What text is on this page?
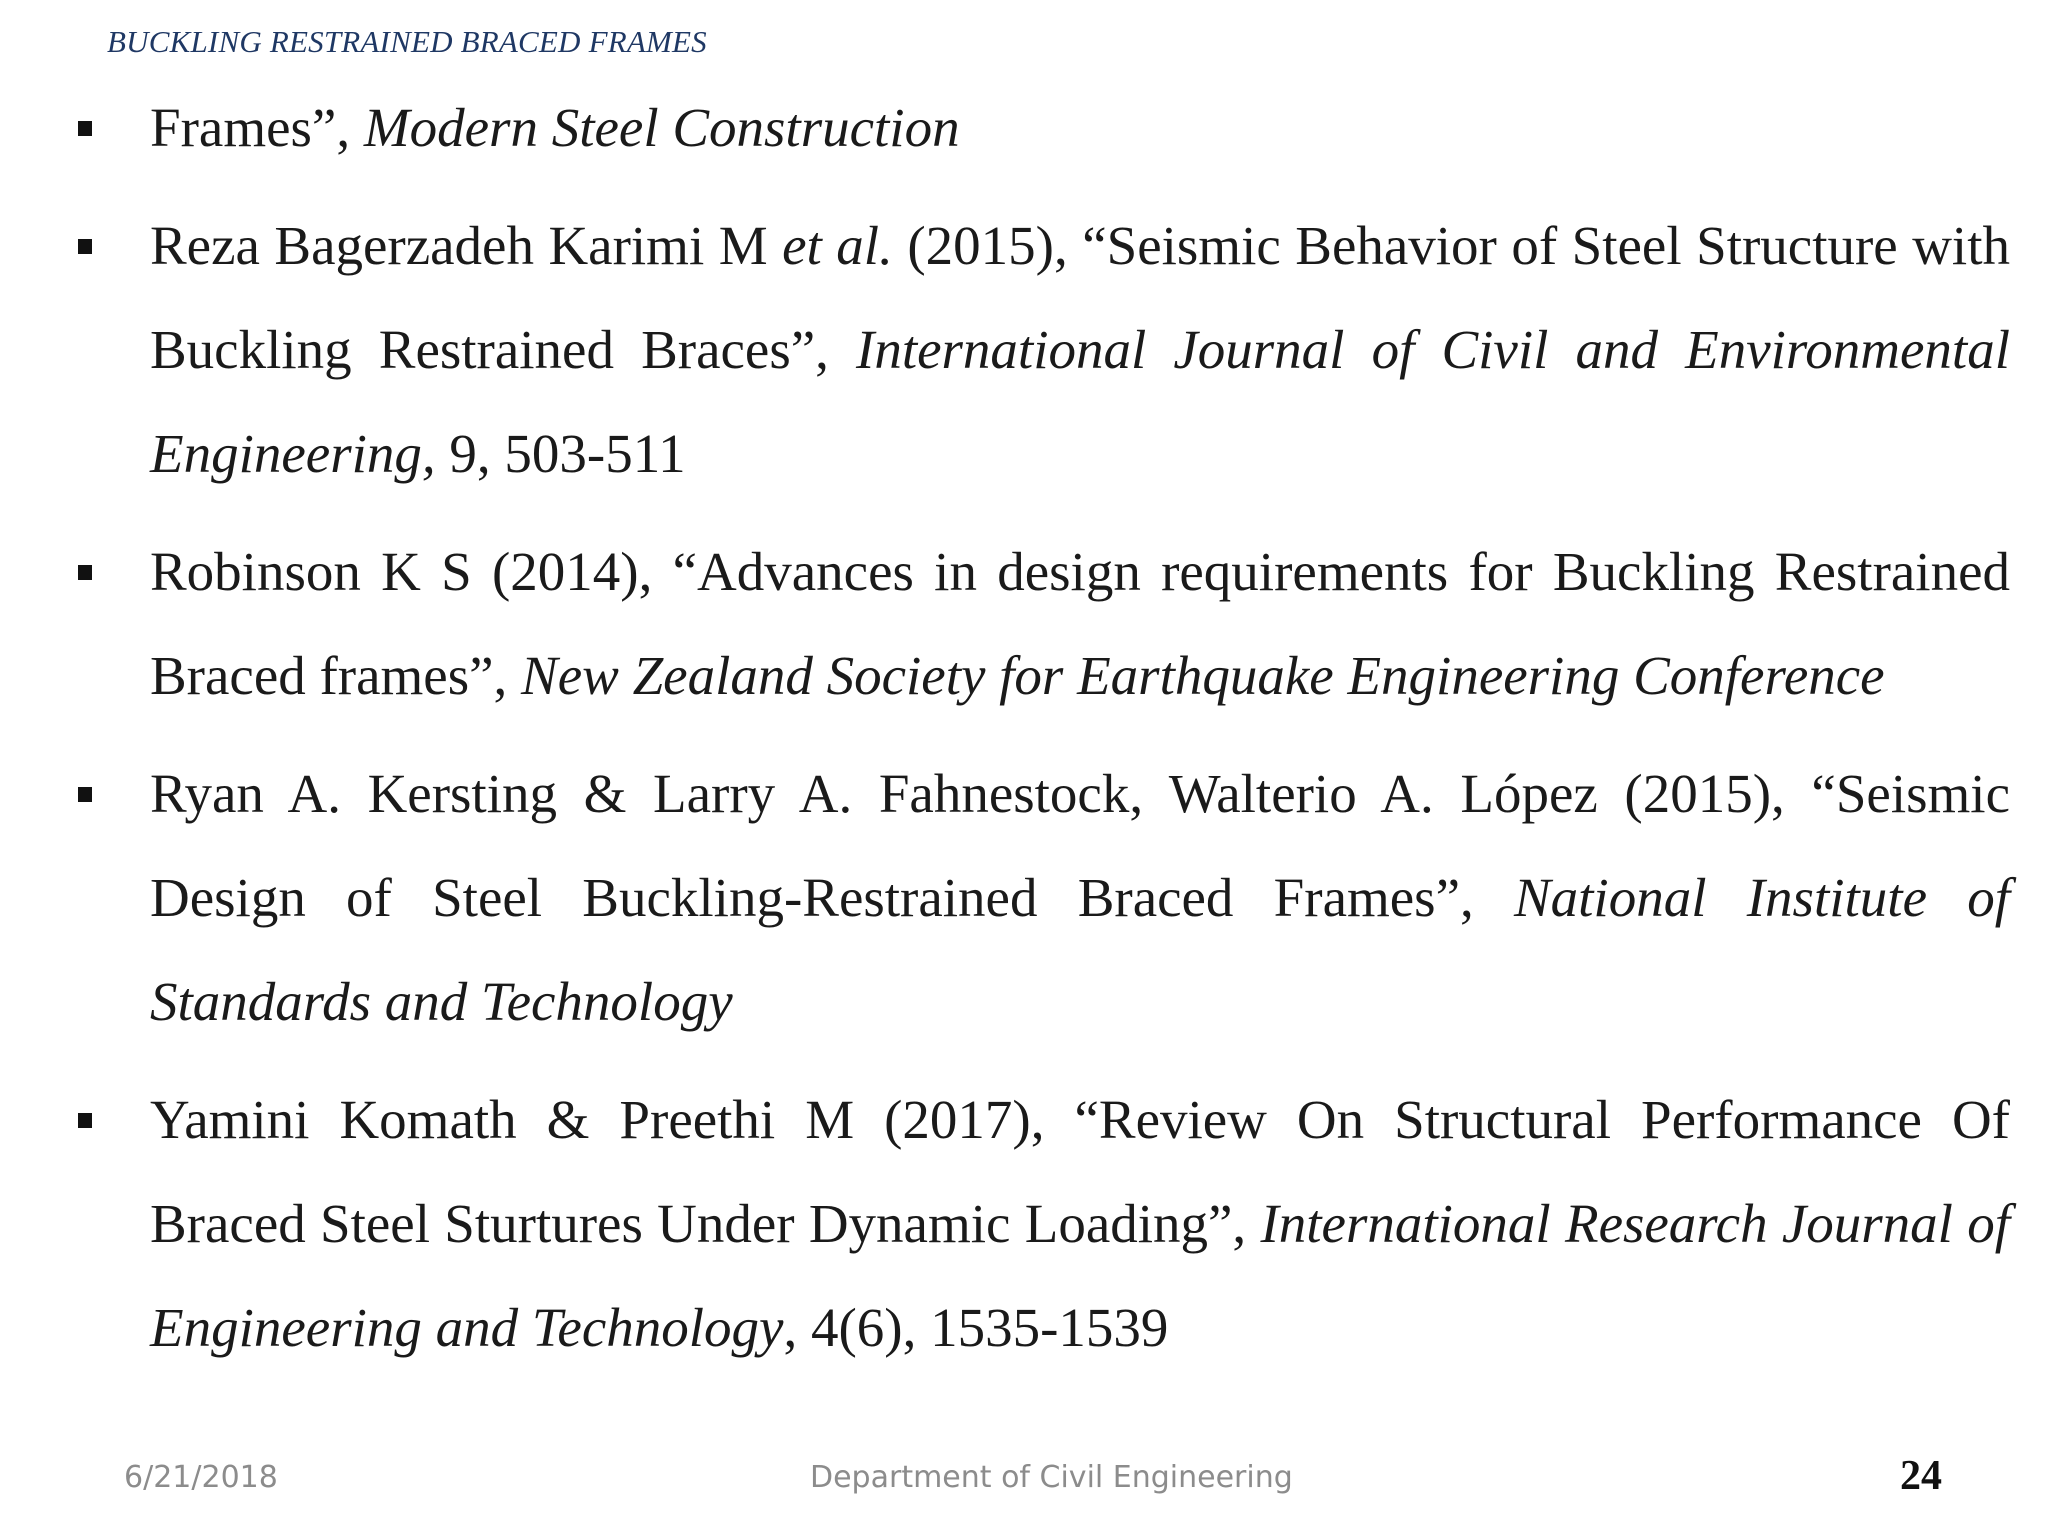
BUCKLING RESTRAINED BRACED FRAMES
Frames”, Modern Steel Construction
Reza Bagerzadeh Karimi M et al. (2015), “Seismic Behavior of Steel Structure with Buckling Restrained Braces”, International Journal of Civil and Environmental Engineering, 9, 503-511
Robinson K S (2014), “Advances in design requirements for Buckling Restrained Braced frames”, New Zealand Society for Earthquake Engineering Conference
Ryan A. Kersting & Larry A. Fahnestock, Walterio A. López (2015), “Seismic Design of Steel Buckling-Restrained Braced Frames”, National Institute of Standards and Technology
Yamini Komath & Preethi M (2017), “Review On Structural Performance Of Braced Steel Sturtures Under Dynamic Loading”, International Research Journal of Engineering and Technology, 4(6), 1535-1539
6/21/2018	Department of Civil Engineering	24
